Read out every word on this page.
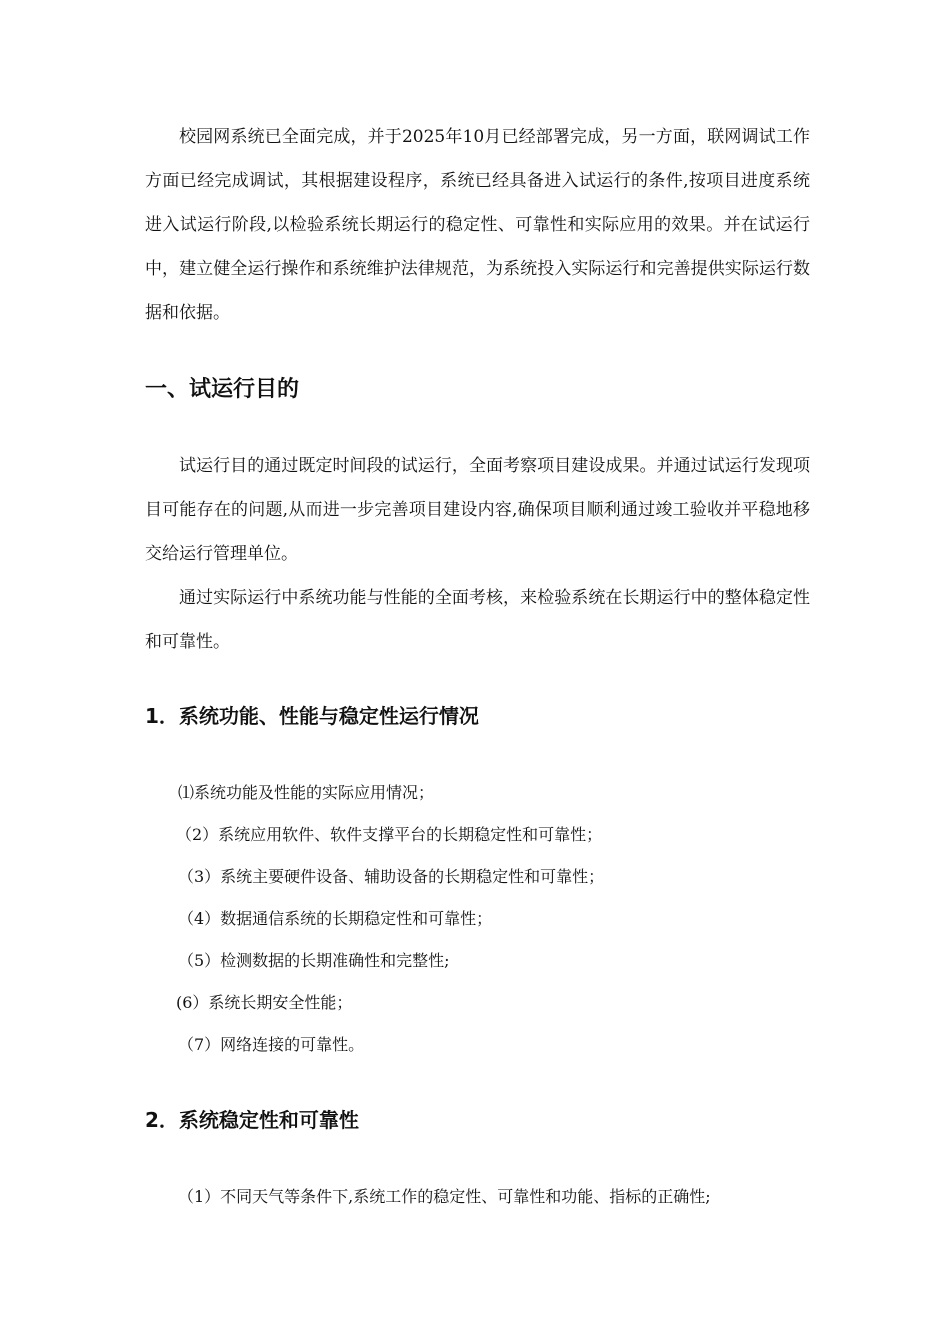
校园网系统已全面完成，并于2025年10月已经部署完成，另一方面，联网调试工作方面已经完成调试，其根据建设程序，系统已经具备进入试运行的条件,按项目进度系统进入试运行阶段,以检验系统长期运行的稳定性、可靠性和实际应用的效果。并在试运行中，建立健全运行操作和系统维护法律规范，为系统投入实际运行和完善提供实际运行数据和依据。

一、试运行目的

试运行目的通过既定时间段的试运行，全面考察项目建设成果。并通过试运行发现项目可能存在的问题,从而进一步完善项目建设内容,确保项目顺利通过竣工验收并平稳地移交给运行管理单位。

通过实际运行中系统功能与性能的全面考核，来检验系统在长期运行中的整体稳定性和可靠性。

1．系统功能、性能与稳定性运行情况

⑴系统功能及性能的实际应用情况；

（2）系统应用软件、软件支撑平台的长期稳定性和可靠性；

（3）系统主要硬件设备、辅助设备的长期稳定性和可靠性；

（4）数据通信系统的长期稳定性和可靠性；

（5）检测数据的长期准确性和完整性;

(6）系统长期安全性能；

（7）网络连接的可靠性。

2．系统稳定性和可靠性

（1）不同天气等条件下,系统工作的稳定性、可靠性和功能、指标的正确性;
